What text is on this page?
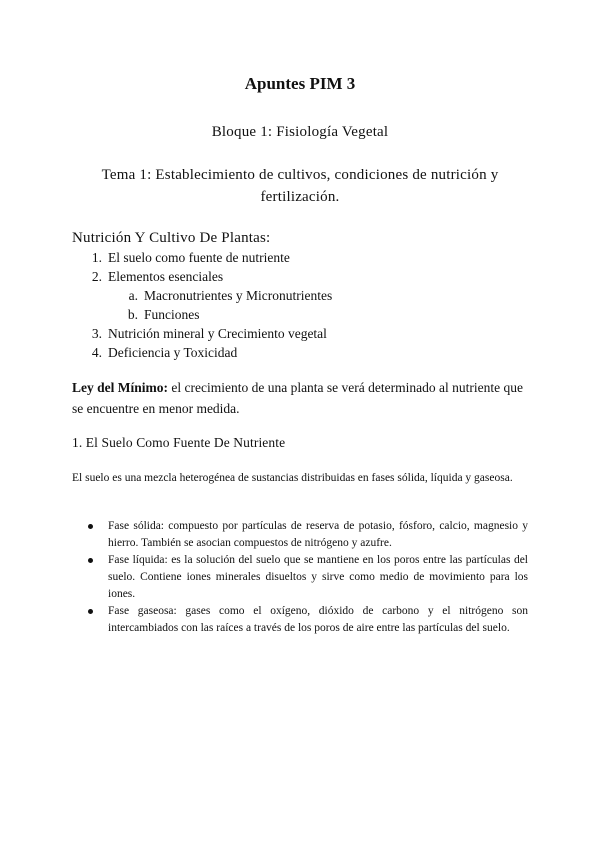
Apuntes PIM 3
Bloque 1: Fisiología Vegetal
Tema 1: Establecimiento de cultivos, condiciones de nutrición y fertilización.
Nutrición Y Cultivo De Plantas:
1. El suelo como fuente de nutriente
2. Elementos esenciales
a. Macronutrientes y Micronutrientes
b. Funciones
3. Nutrición mineral y Crecimiento vegetal
4. Deficiencia y Toxicidad

Ley del Mínimo: el crecimiento de una planta se verá determinado al nutriente que se encuentre en menor medida.

1. El Suelo Como Fuente De Nutriente

El suelo es una mezcla heterogénea de sustancias distribuidas en fases sólida, líquida y gaseosa.

Fase sólida: compuesto por partículas de reserva de potasio, fósforo, calcio, magnesio y hierro. También se asocian compuestos de nitrógeno y azufre.
Fase líquida: es la solución del suelo que se mantiene en los poros entre las partículas del suelo. Contiene iones minerales disueltos y sirve como medio de movimiento para los iones.
Fase gaseosa: gases como el oxígeno, dióxido de carbono y el nitrógeno son intercambiados con las raíces a través de los poros de aire entre las partículas del suelo.
